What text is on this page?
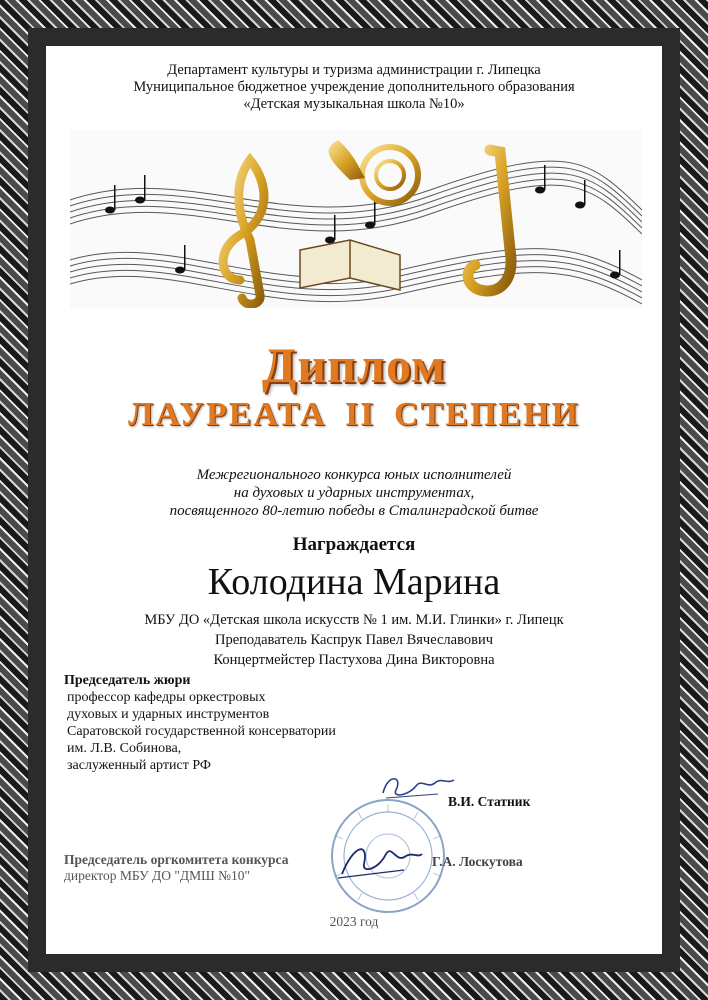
Департамент культуры и туризма администрации г. Липецка
Муниципальное бюджетное учреждение дополнительного образования
«Детская музыкальная школа №10»
Диплом
ЛАУРЕАТА II СТЕПЕНИ
Межрегионального конкурса юных исполнителей
на духовых и ударных инструментах,
посвященного 80-летию победы в Сталинградской битве
Награждается
Колодина Марина
МБУ ДО «Детская школа искусств № 1 им. М.И. Глинки» г. Липецк
Преподаватель Каспрук Павел Вячеславович
Концертмейстер Пастухова Дина Викторовна
Председатель жюри
профессор кафедры оркестровых
духовых и ударных инструментов
Саратовской государственной консерватории
им. Л.В. Собинова,
заслуженный артист РФ
В.И. Статник
Председатель оргкомитета конкурса
директор МБУ ДО "ДМШ №10"
Г.А. Лоскутова
2023 год
